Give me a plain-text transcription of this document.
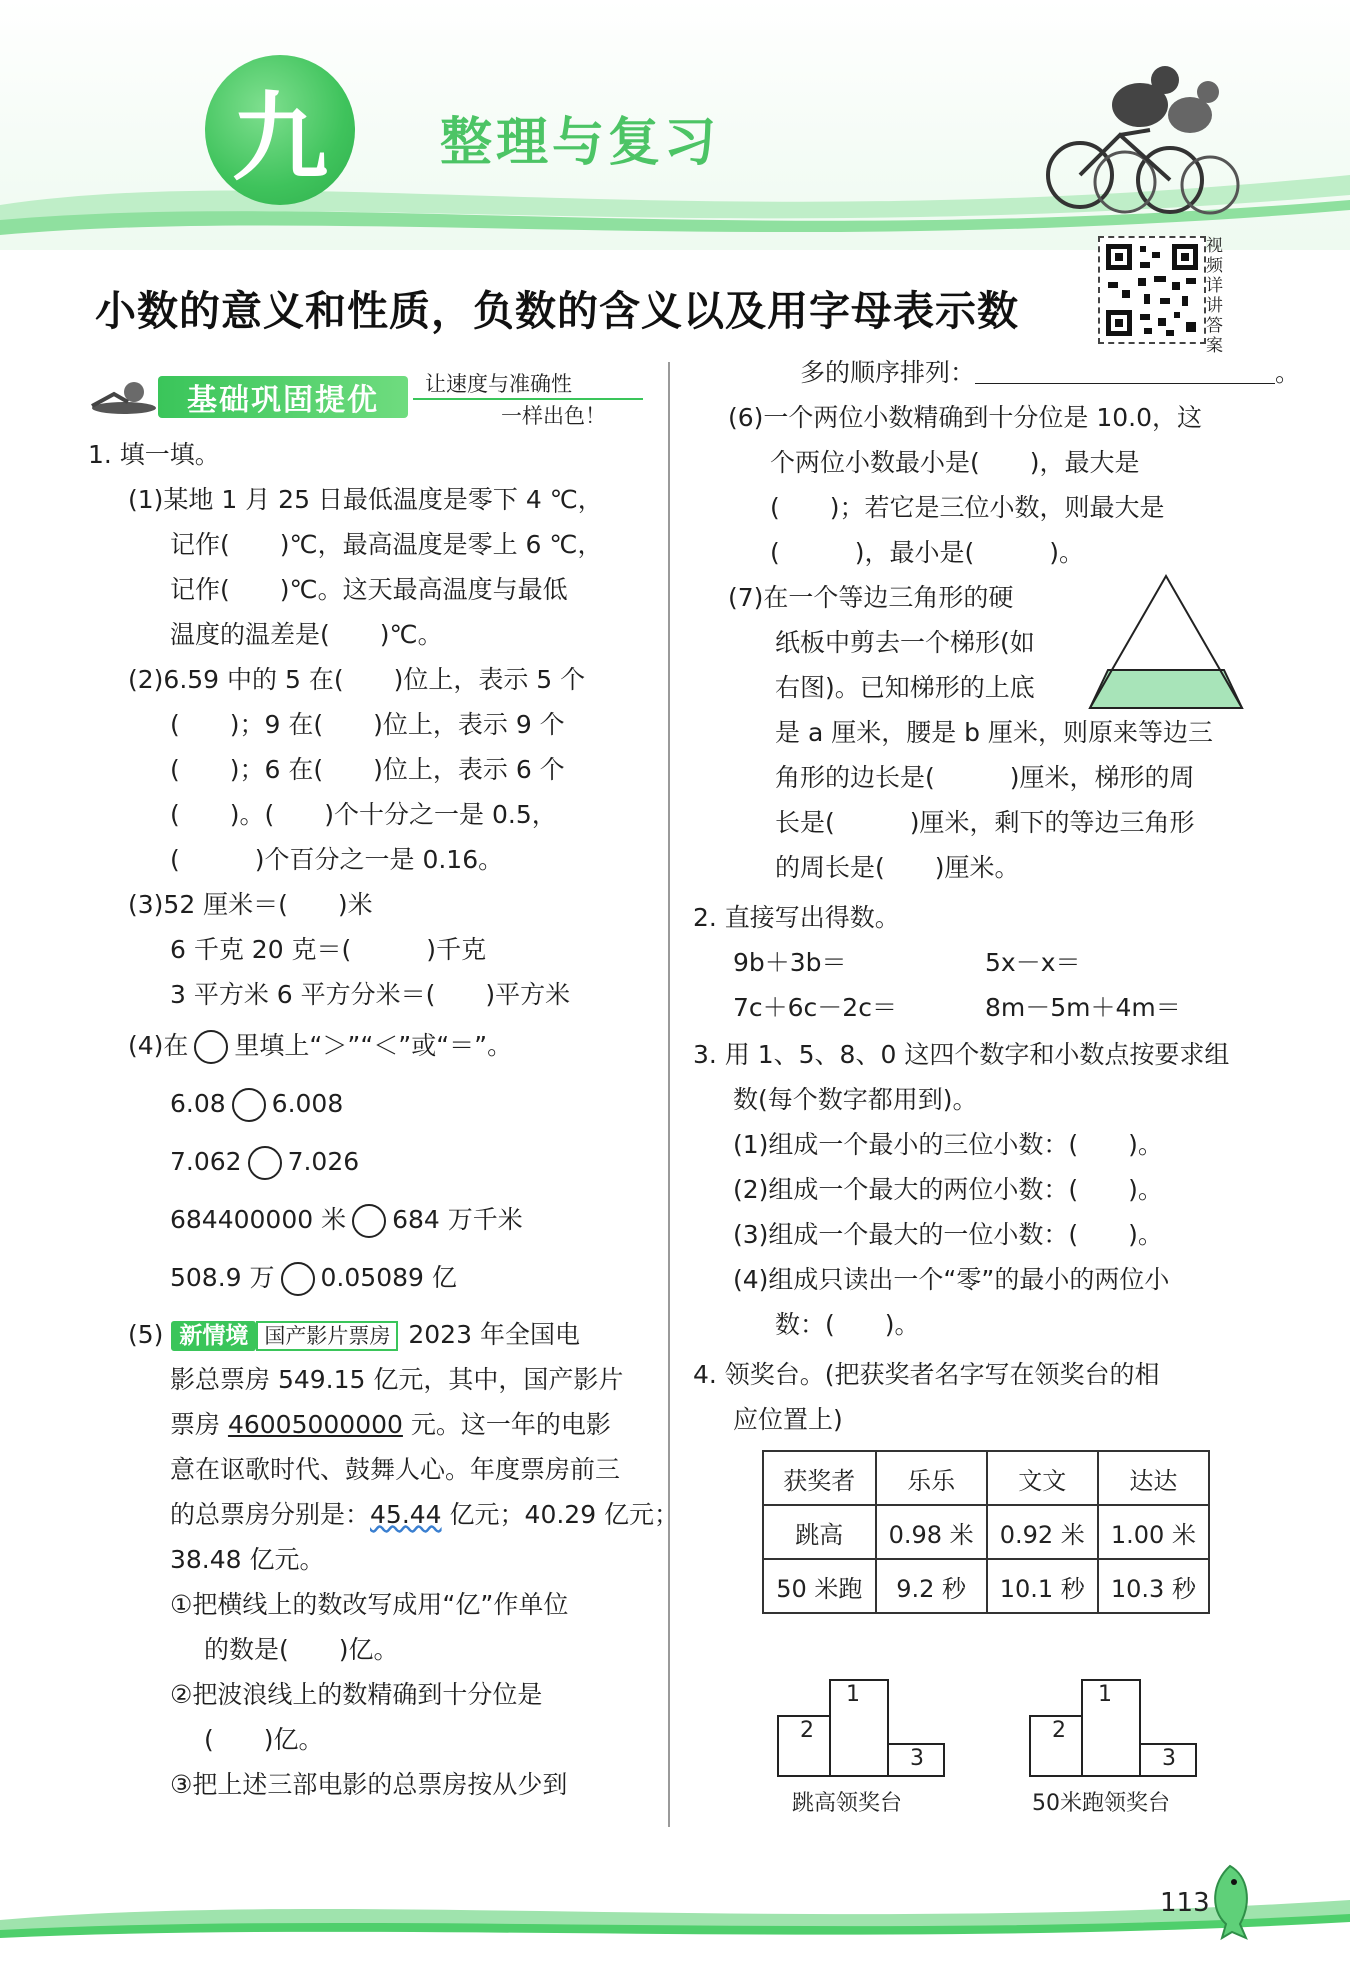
九	整理与复习
小数的意义和性质，负数的含义以及用字母表示数
视频详讲答案
基础巩固提优	让速度与准确性
一样出色！
1. 填一填。
(1)某地 1 月 25 日最低温度是零下 4 ℃，
记作(　　)℃，最高温度是零上 6 ℃，
记作(　　)℃。这天最高温度与最低
温度的温差是(　　)℃。
(2)6.59 中的 5 在(　　)位上，表示 5 个
(　　)；9 在(　　)位上，表示 9 个
(　　)；6 在(　　)位上，表示 6 个
(　　)。(　　)个十分之一是 0.5，
(　　　)个百分之一是 0.16。
(3)52 厘米＝(　　)米
6 千克 20 克＝(　　　)千克
3 平方米 6 平方分米＝(　　)平方米
(4)在 里填上“＞”“＜”或“＝”。
6.08 6.008
7.062 7.026
684400000 米 684 万千米
508.9 万 0.05089 亿
(5) 新情境 国产影片票房 2023 年全国电
影总票房 549.15 亿元，其中，国产影片
票房 46005000000 元。这一年的电影
意在讴歌时代、鼓舞人心。年度票房前三
的总票房分别是：45.44 亿元；40.29 亿元；
38.48 亿元。
①把横线上的数改写成用“亿”作单位
的数是(　　)亿。
②把波浪线上的数精确到十分位是
(　　)亿。
③把上述三部电影的总票房按从少到
多的顺序排列：＿＿＿＿＿＿＿＿＿＿＿＿。
(6)一个两位小数精确到十分位是 10.0，这
个两位小数最小是(　　)，最大是
(　　)；若它是三位小数，则最大是
(　　　)，最小是(　　　)。
(7)在一个等边三角形的硬
纸板中剪去一个梯形(如
右图)。已知梯形的上底
是 a 厘米，腰是 b 厘米，则原来等边三
角形的边长是(　　　)厘米，梯形的周
长是(　　　)厘米，剩下的等边三角形
的周长是(　　)厘米。
2. 直接写出得数。
9b＋3b＝	5x－x＝
7c＋6c－2c＝	8m－5m＋4m＝
3. 用 1、5、8、0 这四个数字和小数点按要求组
数(每个数字都用到)。
(1)组成一个最小的三位小数：(　　)。
(2)组成一个最大的两位小数：(　　)。
(3)组成一个最大的一位小数：(　　)。
(4)组成只读出一个“零”的最小的两位小
数：(　　)。
4. 领奖台。(把获奖者名字写在领奖台的相
应位置上)
获奖者	乐乐	文文	达达
跳高	0.98 米	0.92 米	1.00 米
50 米跑	9.2 秒	10.1 秒	10.3 秒
1
2
3
跳高领奖台
1
2
3
50米跑领奖台
113
